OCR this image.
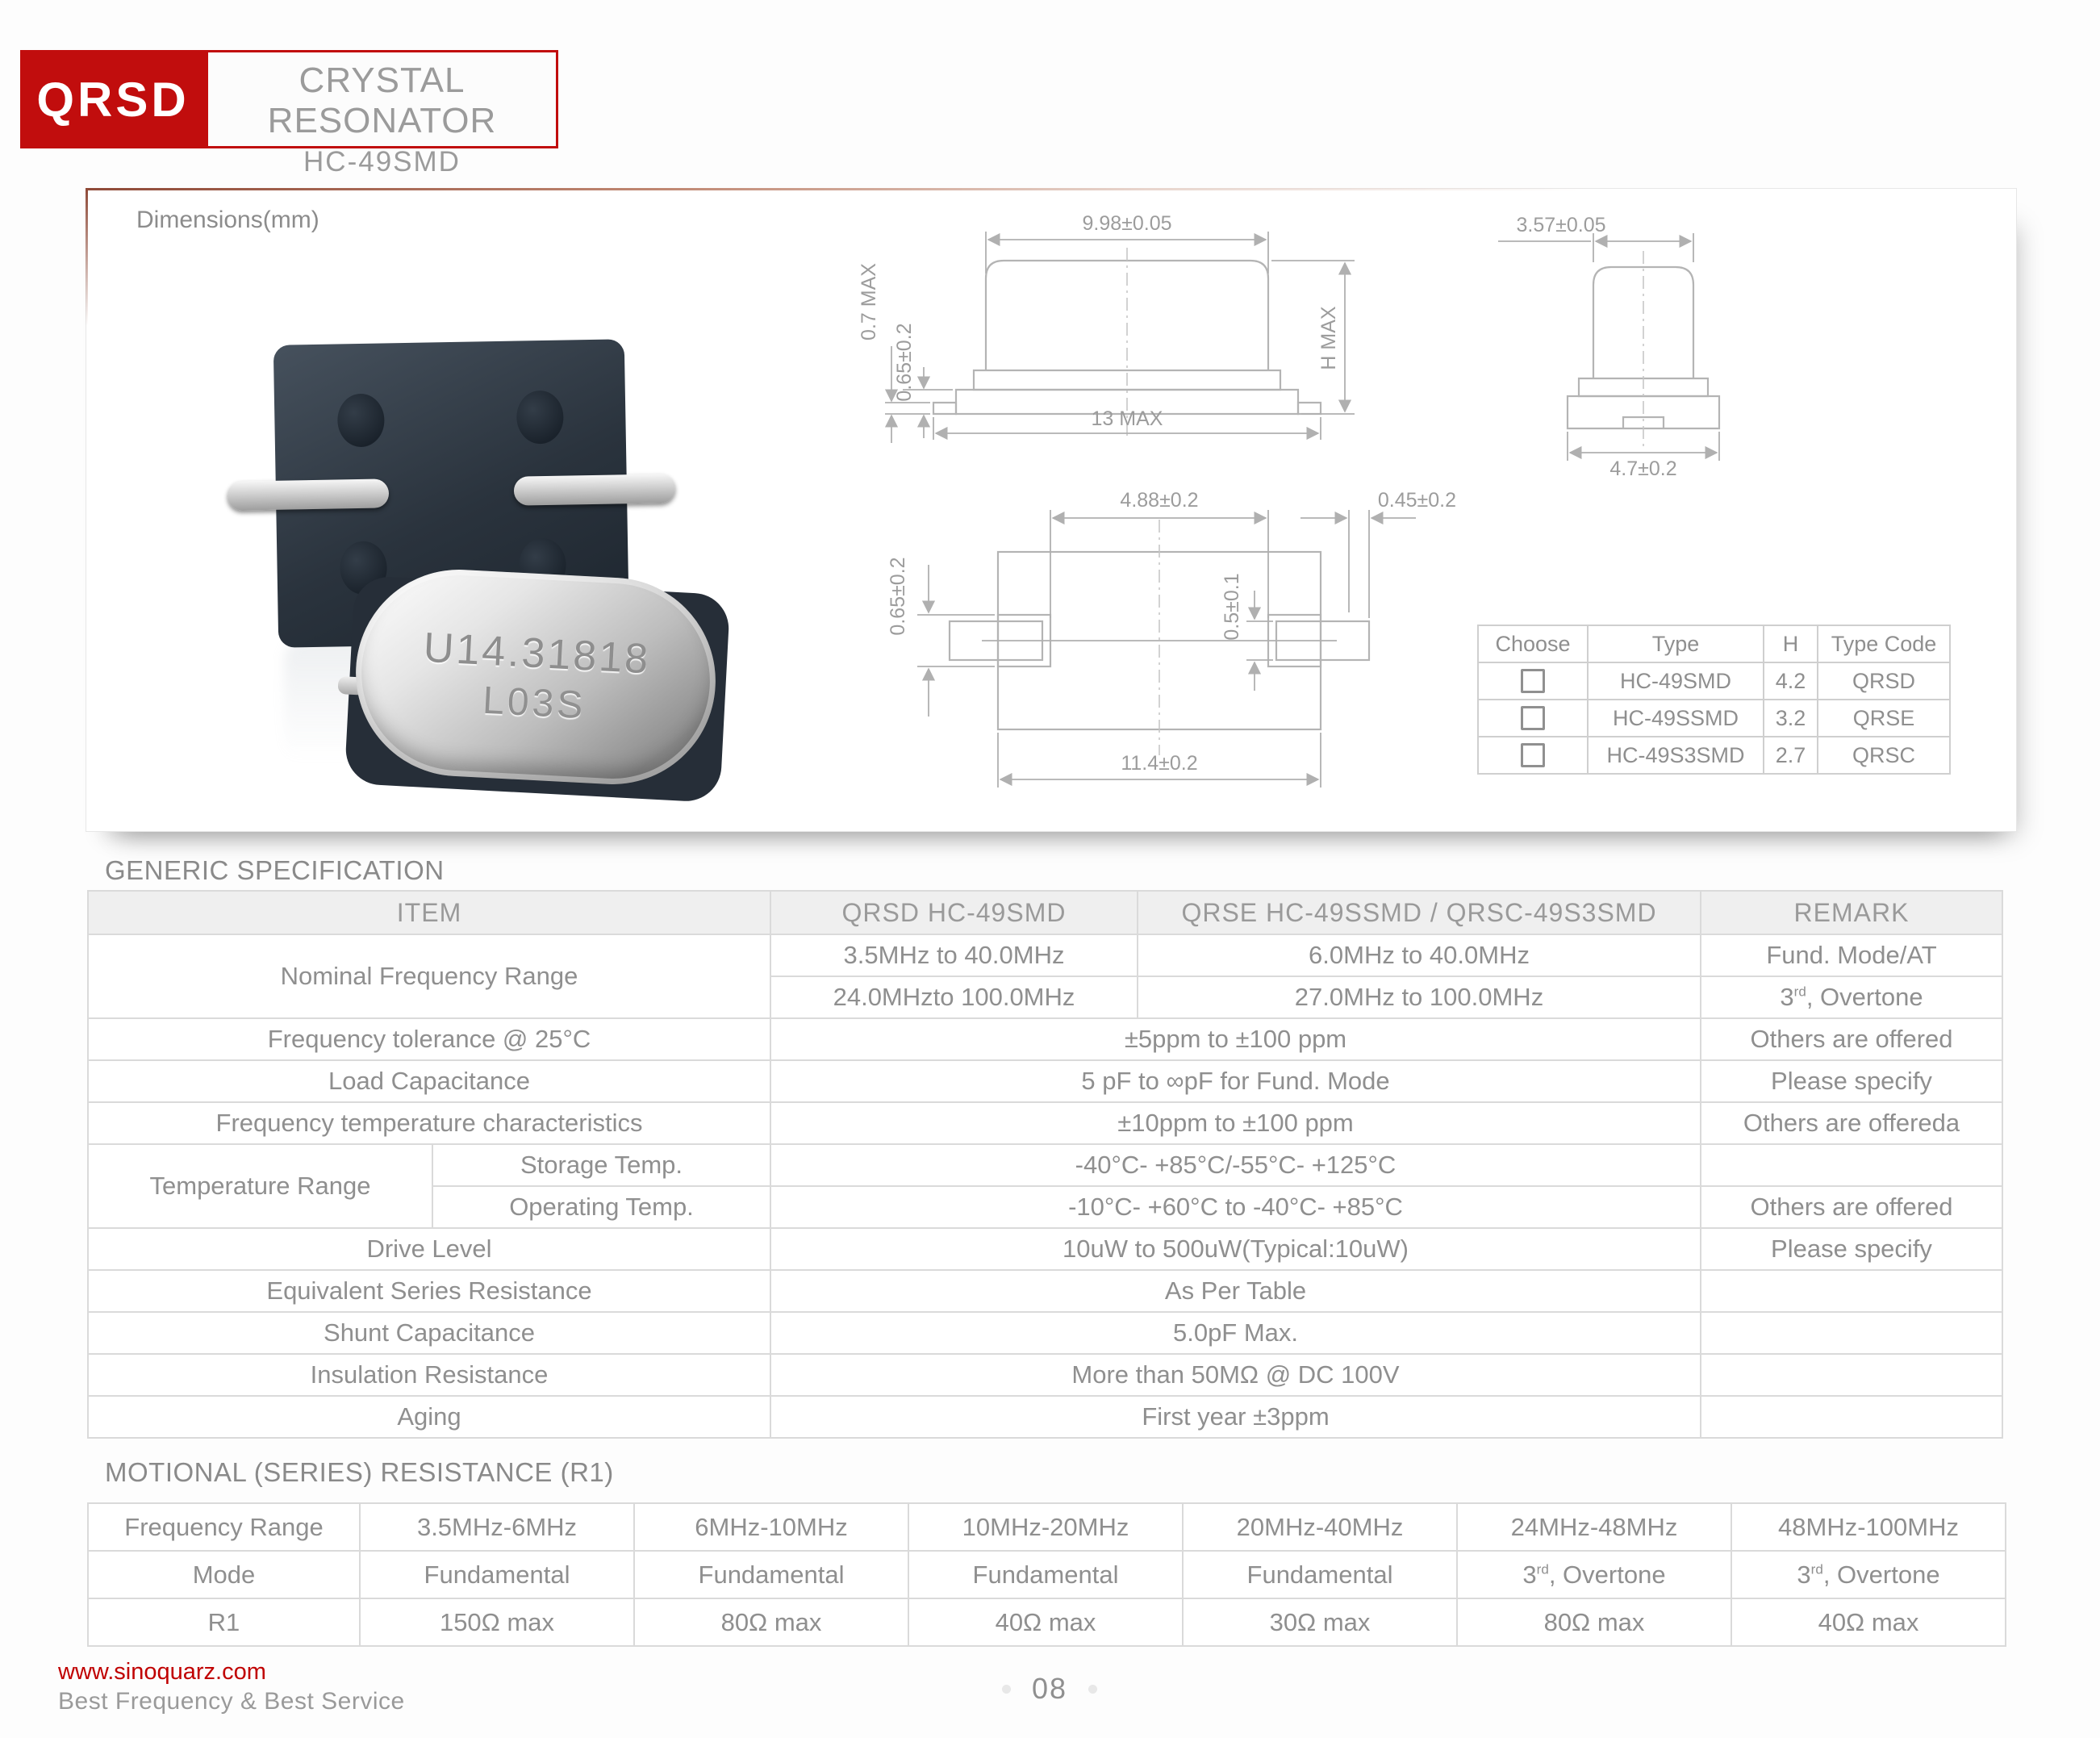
QRSD	CRYSTAL RESONATOR
HC-49SMD
Dimensions(mm)
U14.31818
L03S
9.98±0.05
13 MAX
H MAX
0.7 MAX
0.65±0.2
3.57±0.05
4.7±0.2
4.88±0.2	0.45±0.2
0.65±0.2	0.5±0.1
11.4±0.2
Choose	Type	H	Type Code

	HC-49SMD	4.2	QRSD

	HC-49SSMD	3.2	QRSE

	HC-49S3SMD	2.7	QRSC
GENERIC SPECIFICATION
ITEM		QRSD HC-49SMD	QRSE HC-49SSMD / QRSC-49S3SMD	REMARK
Nominal Frequency Range		3.5MHz to 40.0MHz	6.0MHz to 40.0MHz	Fund. Mode/AT
		24.0MHzto 100.0MHz	27.0MHz to 100.0MHz	3rd, Overtone
Frequency tolerance @ 25°C		±5ppm to ±100 ppm		Others are offered
Load Capacitance		5 pF to ∞pF for Fund. Mode		Please specify
Frequency temperature characteristics		±10ppm to ±100 ppm		Others are offereda
Temperature Range	Storage Temp.	-40°C- +85°C/-55°C- +125°C		
	Operating Temp.	-10°C- +60°C to -40°C- +85°C		Others are offered
Drive Level		10uW to 500uW(Typical:10uW)		Please specify
Equivalent Series Resistance		As Per Table		
Shunt Capacitance		5.0pF Max.		
Insulation Resistance		More than 50MΩ @ DC 100V		
Aging		First year ±3ppm		
MOTIONAL (SERIES) RESISTANCE (R1)
Frequency Range	3.5MHz-6MHz	6MHz-10MHz	10MHz-20MHz	20MHz-40MHz	24MHz-48MHz	48MHz-100MHz
Mode	Fundamental	Fundamental	Fundamental	Fundamental	3rd, Overtone	3rd, Overtone
R1	150Ω max	80Ω max	40Ω max	30Ω max	80Ω max	40Ω max
www.sinoquarz.com
Best Frequency & Best Service	08
